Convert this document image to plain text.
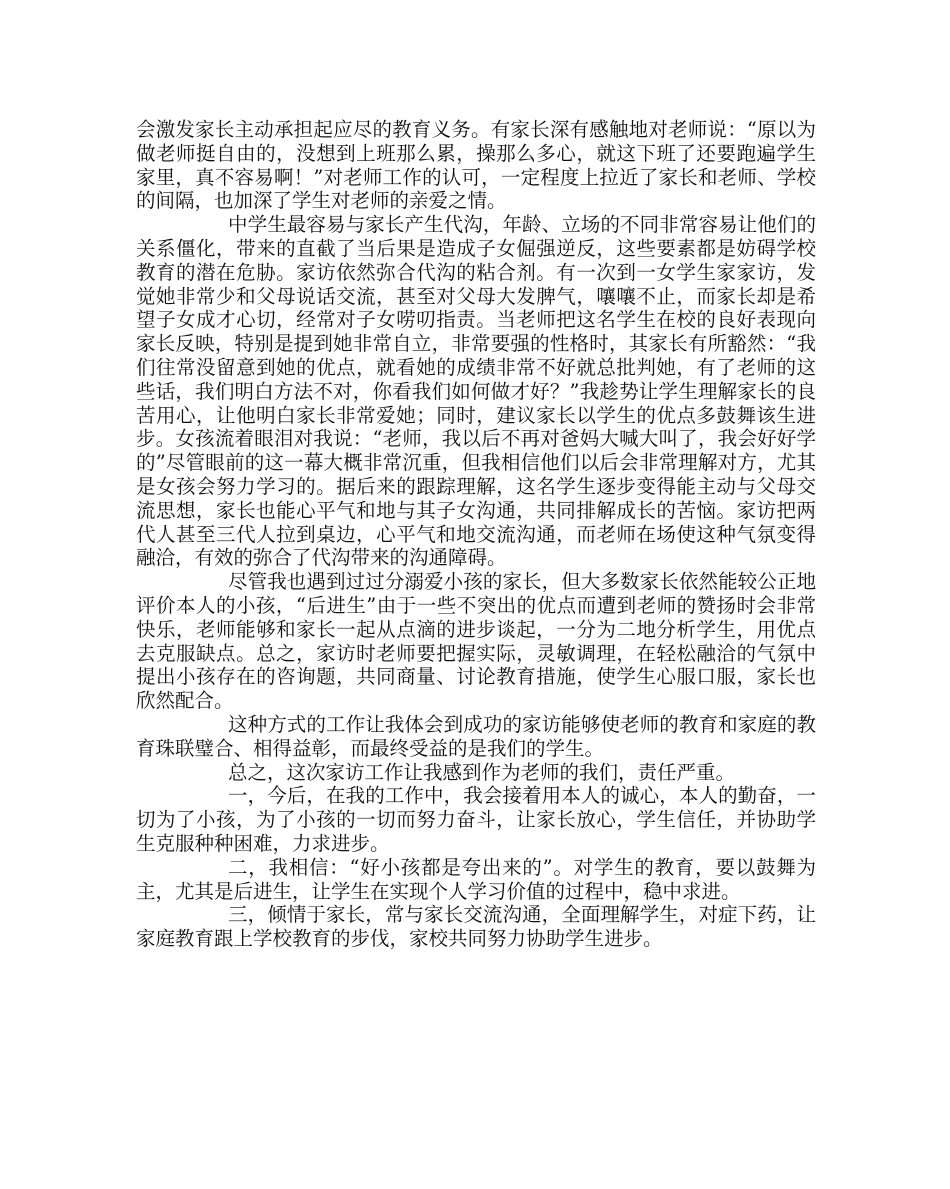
会激发家长主动承担起应尽的教育义务。有家长深有感触地对老师说：“原以为做老师挺自由的，没想到上班那么累，操那么多心，就这下班了还要跑遍学生家里，真不容易啊！”对老师工作的认可，一定程度上拉近了家长和老师、学校的间隔，也加深了学生对老师的亲爱之情。

中学生最容易与家长产生代沟，年龄、立场的不同非常容易让他们的关系僵化，带来的直截了当后果是造成子女倔强逆反，这些要素都是妨碍学校教育的潜在危胁。家访依然弥合代沟的粘合剂。有一次到一女学生家家访，发觉她非常少和父母说话交流，甚至对父母大发脾气，嚷嚷不止，而家长却是希望子女成才心切，经常对子女唠叨指责。当老师把这名学生在校的良好表现向家长反映，特别是提到她非常自立，非常要强的性格时，其家长有所豁然：“我们往常没留意到她的优点，就看她的成绩非常不好就总批判她，有了老师的这些话，我们明白方法不对，你看我们如何做才好？”我趁势让学生理解家长的良苦用心，让他明白家长非常爱她；同时，建议家长以学生的优点多鼓舞该生进步。女孩流着眼泪对我说：“老师，我以后不再对爸妈大喊大叫了，我会好好学的”尽管眼前的这一幕大概非常沉重，但我相信他们以后会非常理解对方，尤其是女孩会努力学习的。据后来的跟踪理解，这名学生逐步变得能主动与父母交流思想，家长也能心平气和地与其子女沟通，共同排解成长的苦恼。家访把两代人甚至三代人拉到桌边，心平气和地交流沟通，而老师在场使这种气氛变得融洽，有效的弥合了代沟带来的沟通障碍。

尽管我也遇到过过分溺爱小孩的家长，但大多数家长依然能较公正地评价本人的小孩，“后进生”由于一些不突出的优点而遭到老师的赞扬时会非常快乐，老师能够和家长一起从点滴的进步谈起，一分为二地分析学生，用优点去克服缺点。总之，家访时老师要把握实际，灵敏调理，在轻松融洽的气氛中提出小孩存在的咨询题，共同商量、讨论教育措施，使学生心服口服，家长也欣然配合。

这种方式的工作让我体会到成功的家访能够使老师的教育和家庭的教育珠联璧合、相得益彰，而最终受益的是我们的学生。

总之，这次家访工作让我感到作为老师的我们，责任严重。

一，今后，在我的工作中，我会接着用本人的诚心，本人的勤奋，一切为了小孩，为了小孩的一切而努力奋斗，让家长放心，学生信任，并协助学生克服种种困难，力求进步。

二，我相信：“好小孩都是夸出来的”。对学生的教育，要以鼓舞为主，尤其是后进生，让学生在实现个人学习价值的过程中，稳中求进。

三，倾情于家长，常与家长交流沟通，全面理解学生，对症下药，让家庭教育跟上学校教育的步伐，家校共同努力协助学生进步。
